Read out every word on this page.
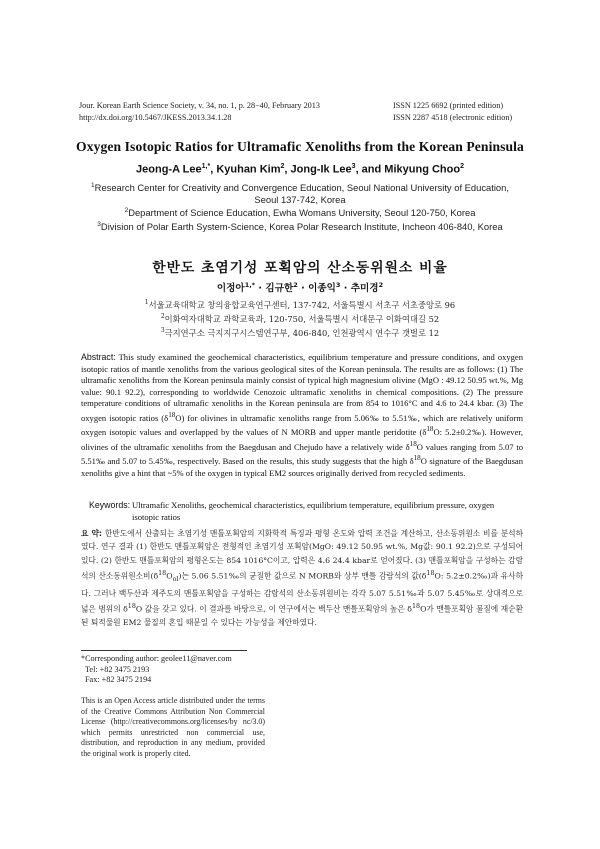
Jour. Korean Earth Science Society, v. 34, no. 1, p. 28−40, February 2013
http://dx.doi.org/10.5467/JKESS.2013.34.1.28
ISSN 1225 6692 (printed edition)
ISSN 2287 4518 (electronic edition)
Oxygen Isotopic Ratios for Ultramafic Xenoliths from the Korean Peninsula
Jeong-A Lee$^{1,*}$, Kyuhan Kim$^2$, Jong-Ik Lee$^3$, and Mikyung Choo$^2$
$^1$Research Center for Creativity and Convergence Education, Seoul National University of Education,
Seoul 137-742, Korea
$^2$Department of Science Education, Ewha Womans University, Seoul 120-750, Korea
$^3$Division of Polar Earth System-Science, Korea Polar Research Institute, Incheon 406-840, Korea
한반도 초염기성 포획암의 산소동위원소 비율
이정아$^{1,*}$ · 김규한$^2$ · 이종익$^3$ · 추미경$^2$
$^1$서울교육대학교 창의융합교육연구센터, 137-742, 서울특별시 서초구 서초중앙로 96
$^2$이화여자대학교 과학교육과, 120-750, 서울특별시 서대문구 이화여대길 52
$^3$극지연구소 극지지구시스템연구부, 406-840, 인천광역시 연수구 갯벌로 12
Abstract: This study examined the geochemical characteristics, equilibrium temperature and pressure conditions, and oxygen isotopic ratios of mantle xenoliths from the various geological sites of the Korean peninsula. The results are as follows: (1) The ultramafic xenoliths from the Korean peninsula mainly consist of typical high magnesium olivine (MgO : 49.12 50.95 wt.%, Mg value: 90.1 92.2), corresponding to worldwide Cenozoic ultramafic xenoliths in chemical compositions. (2) The pressure temperature conditions of ultramafic xenoliths in the Korean peninsula are from 854 to 1016°C and 4.6 to 24.4 kbar. (3) The oxygen isotopic ratios $(\delta^{18}O)$ for olivines in ultramafic xenoliths range from 5.06‰ to 5.51‰, which are relatively uniform oxygen isotopic values and overlapped by the values of N MORB and upper mantle peridotite ($\delta^{18}O$: 5.2±0.2‰). However, olivines of the ultramafic xenoliths from the Baegdusan and Chejudo have a relatively wide $\delta^{18}O$ values ranging from 5.07 to 5.51‰ and 5.07 to 5.45‰, respectively. Based on the results, this study suggests that the high $\delta^{18}O$ signature of the Baegdusan xenoliths give a hint that ~5% of the oxygen in typical EM2 sources originally derived from recycled sediments.
Keywords: Ultramafic Xenoliths, geochemical characteristics, equilibrium temperature, equilibrium pressure, oxygen isotopic ratios
요 약: 한반도에서 산출되는 초염기성 맨틀포획암의 지화학적 특징과 평형 온도와 압력 조건을 계산하고, 산소동위원소 비를 분석하였다. 연구 결과 (1) 한반도 맨틀포획암은 전형적인 초염기성 포획암(MgO: 49.12 50.95 wt.%, Mg값: 90.1 92.2)으로 구성되어 있다. (2) 한반도 맨틀포획암의 평형온도는 854 1016°C이고, 압력은 4.6 24.4 kbar로 얻어졌다. (3) 맨틀포획암을 구성하는 감람석의 산소동위원소비$(\delta^{18}O_{ol})$는 5.06 5.51‰의 균질한 값으로 N MORB와 상부 맨틀 감람석의 값($\delta^{18}O$: 5.2±0.2‰)과 유사하다. 그러나 백두산과 제주도의 맨틀포획암을 구성하는 감람석의 산소동위원비는 각각 5.07 5.51‰과 5.07 5.45‰로 상대적으로 넓은 범위의 $\delta^{18}O$ 값을 갖고 있다. 이 결과를 바탕으로, 이 연구에서는 백두산 맨틀포획암의 높은 $\delta^{18}O$가 맨틀포획암 물질에 재순환된 퇴적물원 EM2 물질의 혼입 때문일 수 있다는 가능성을 제안하였다.
*Corresponding author: geolee11@naver.com
Tel: +82 3475 2193
Fax: +82 3475 2194
This is an Open Access article distributed under the terms of the Creative Commons Attribution Non Commercial License (http://creativecommons.org/licenses/by nc/3.0) which permits unrestricted non commercial use, distribution, and reproduction in any medium, provided the original work is properly cited.
